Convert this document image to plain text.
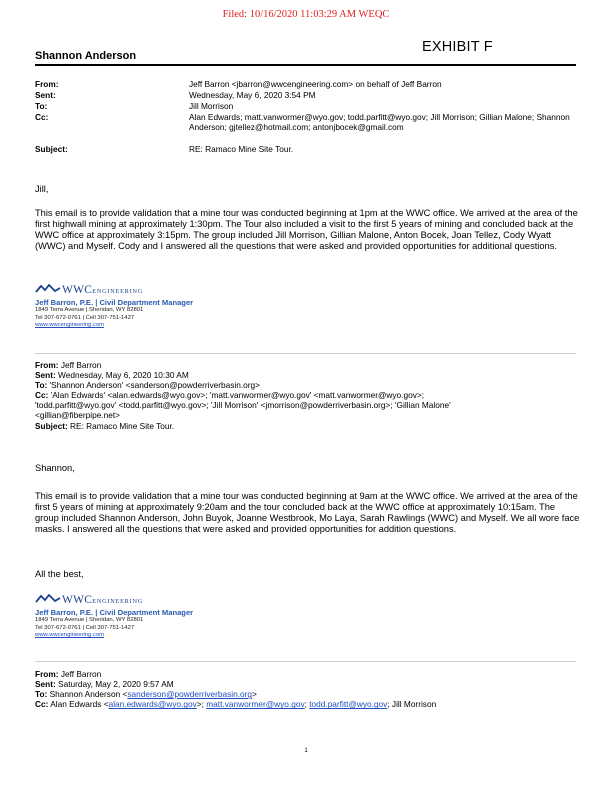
Filed: 10/16/2020 11:03:29 AM WEQC
Shannon Anderson
EXHIBIT F
From:	Jeff Barron <jbarron@wwcengineering.com> on behalf of Jeff Barron
Sent:	Wednesday, May 6, 2020 3:54 PM
To:	Jill Morrison
Cc:	Alan Edwards; matt.vanwormer@wyo.gov; todd.parfitt@wyo.gov; Jill Morrison; Gillian Malone; Shannon Anderson; gjtellez@hotmail.com; antonjbocek@gmail.com
Subject:	RE: Ramaco Mine Site Tour.
Jill,
This email is to provide validation that a mine tour was conducted beginning at 1pm at the WWC office. We arrived at the area of the first highwall mining at approximately 1:30pm. The Tour also included a visit to the first 5 years of mining and concluded back at the WWC office at approximately 3:15pm. The group included Jill Morrison, Gillian Malone, Anton Bocek, Joan Tellez, Cody Wyatt (WWC) and Myself. Cody and I answered all the questions that were asked and provided opportunities for additional questions.
WWCENGINEERING
Jeff Barron, P.E. | Civil Department Manager
1849 Terra Avenue | Sheridan, WY 82801
Tel 307-672-0761 | Cell 307-751-1427
www.wwcengineering.com
From: Jeff Barron
Sent: Wednesday, May 6, 2020 10:30 AM
To: 'Shannon Anderson' <sanderson@powderriverbasin.org>
Cc: 'Alan Edwards' <alan.edwards@wyo.gov>; 'matt.vanwormer@wyo.gov' <matt.vanwormer@wyo.gov>;
'todd.parfitt@wyo.gov' <todd.parfitt@wyo.gov>; 'Jill Morrison' <jmorrison@powderriverbasin.org>; 'Gillian Malone'
<gillian@fiberpipe.net>
Subject: RE: Ramaco Mine Site Tour.
Shannon,
This email is to provide validation that a mine tour was conducted beginning at 9am at the WWC office. We arrived at the area of the first 5 years of mining at approximately 9:20am and the tour concluded back at the WWC office at approximately 10:15am. The group included Shannon Anderson, John Buyok, Joanne Westbrook, Mo Laya, Sarah Rawlings (WWC) and Myself. We all wore face masks. I answered all the questions that were asked and provided opportunities for addition questions.
All the best,
WWCENGINEERING
Jeff Barron, P.E. | Civil Department Manager
1849 Terra Avenue | Sheridan, WY 82801
Tel 307-672-0761 | Cell 307-751-1427
www.wwcengineering.com
From: Jeff Barron
Sent: Saturday, May 2, 2020 9:57 AM
To: Shannon Anderson <sanderson@powderriverbasin.org>
Cc: Alan Edwards <alan.edwards@wyo.gov>; matt.vanwormer@wyo.gov; todd.parfitt@wyo.gov; Jill Morrison
1
